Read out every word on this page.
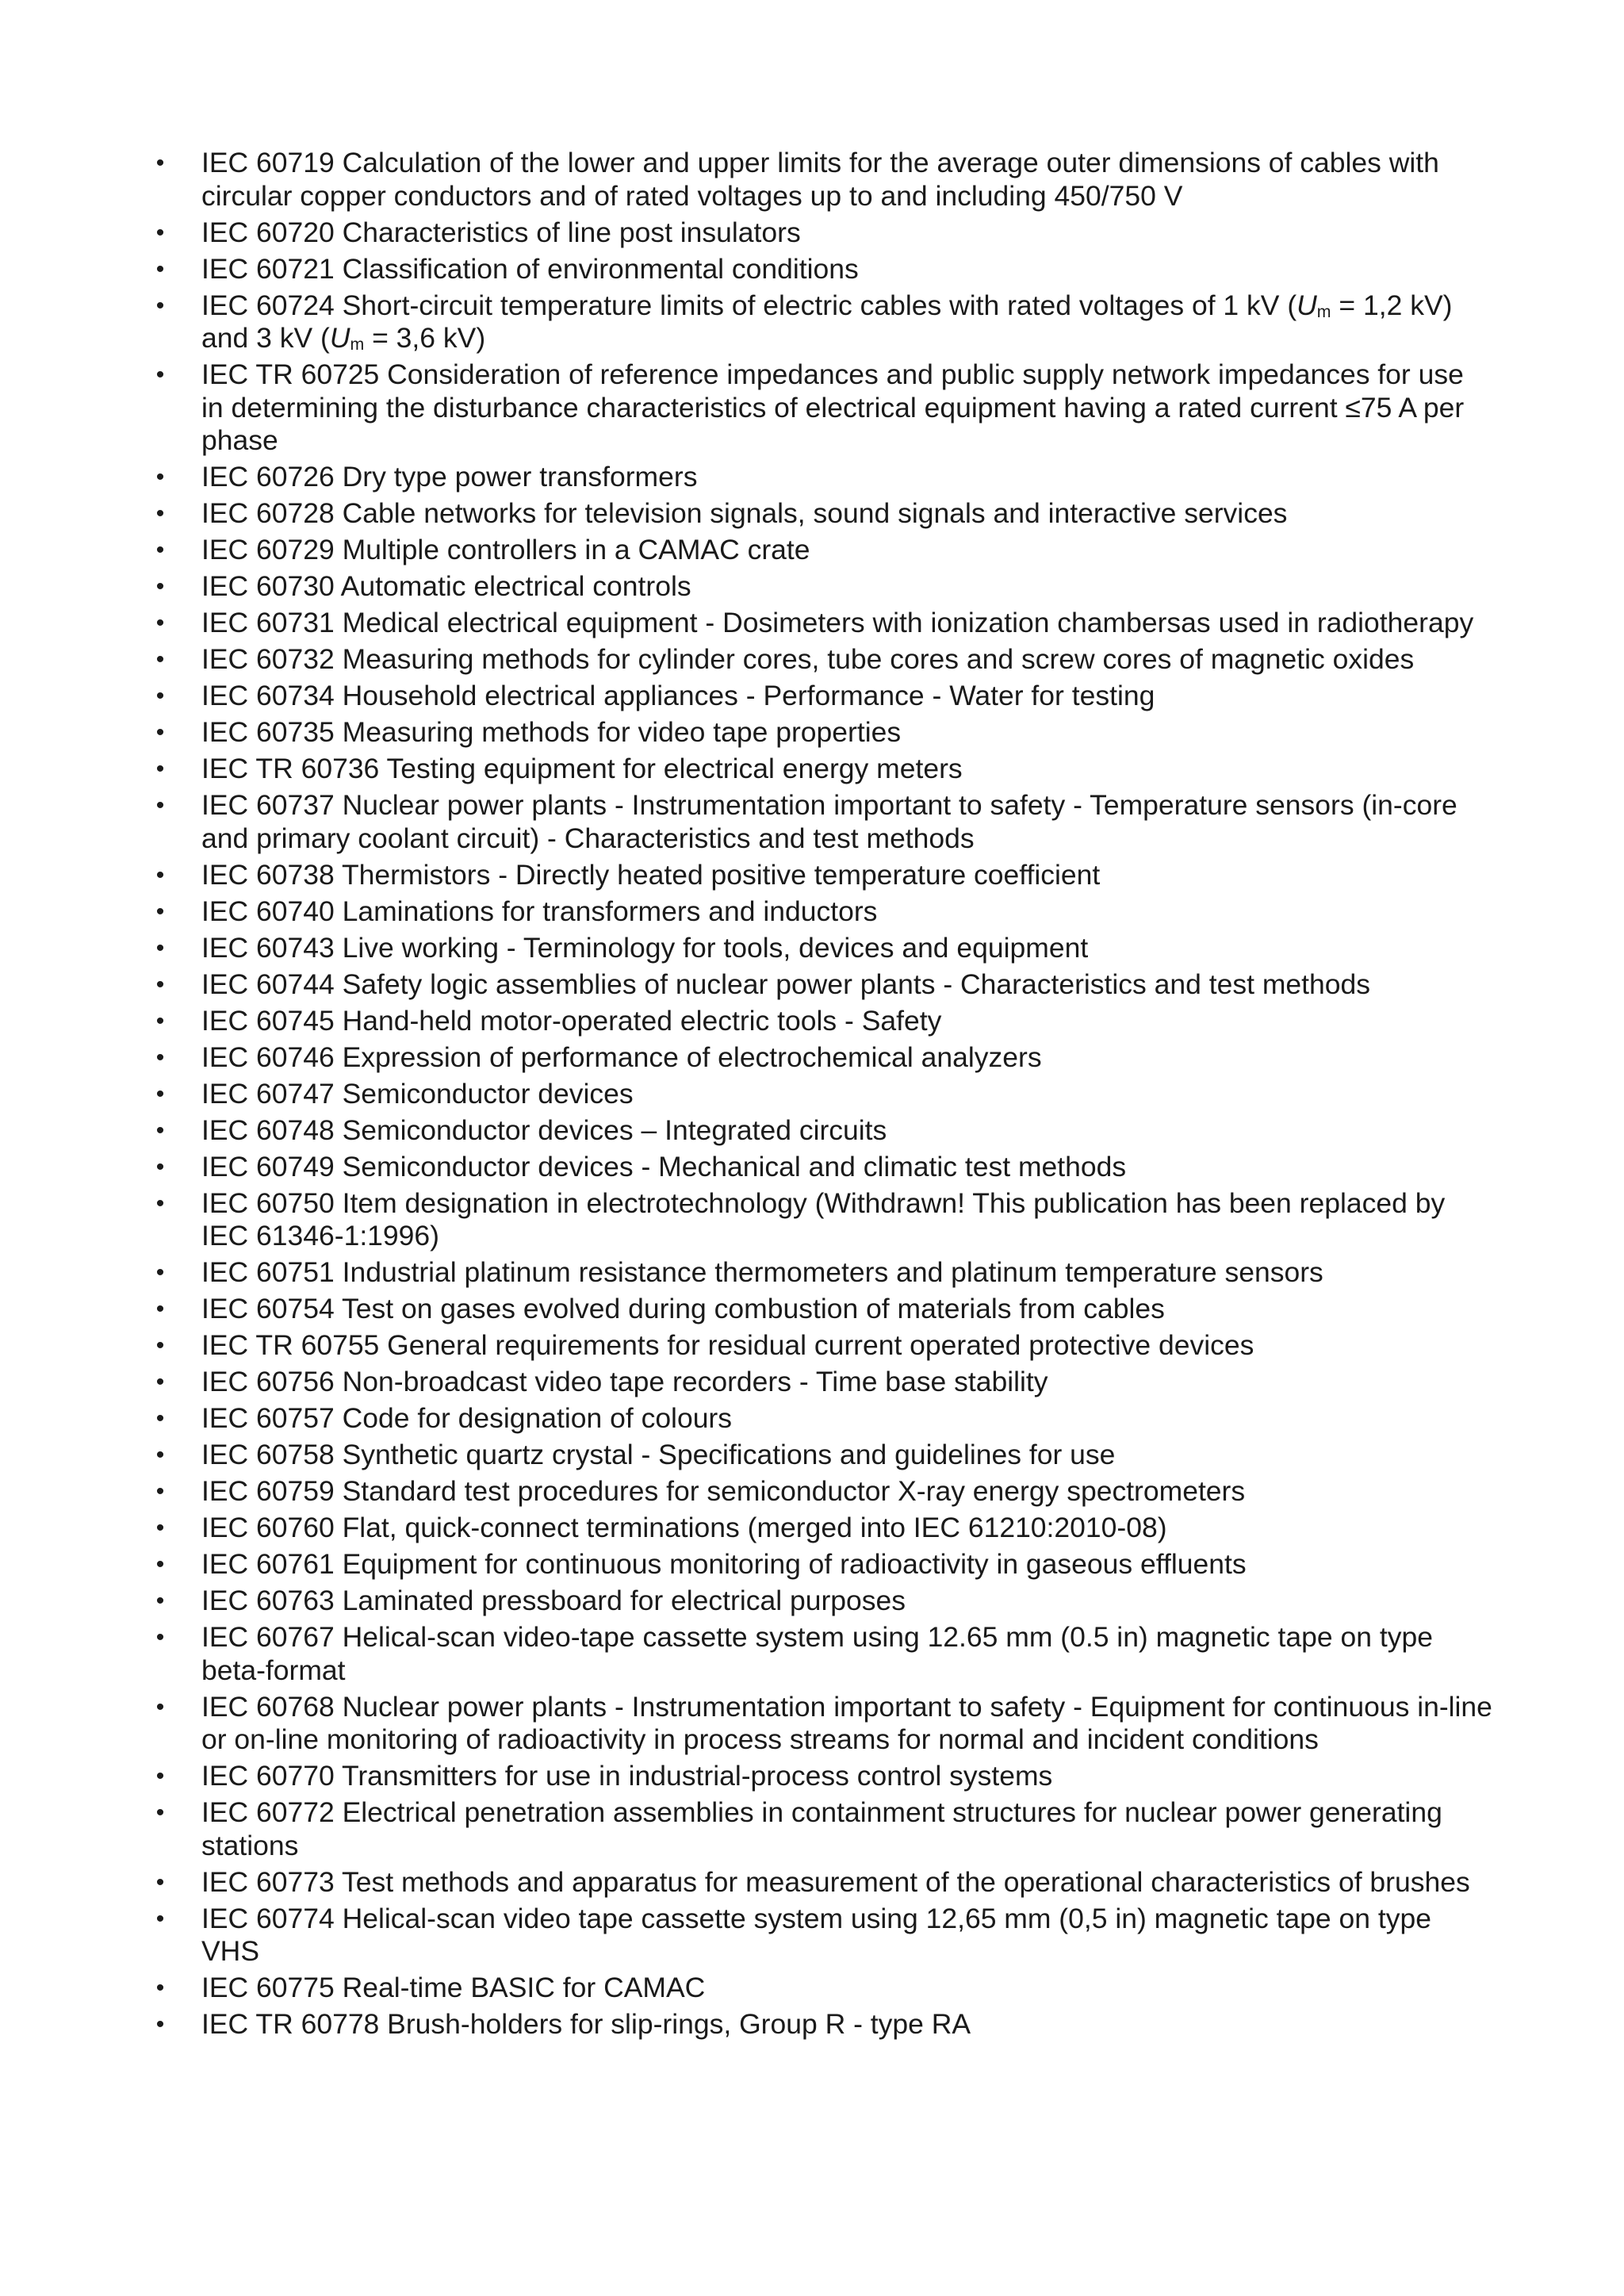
• IEC 60719 Calculation of the lower and upper limits for the average outer dimensions of cables with circular copper conductors and of rated voltages up to and including 450/750 V
• IEC 60720 Characteristics of line post insulators
• IEC 60721 Classification of environmental conditions
• IEC 60724 Short-circuit temperature limits of electric cables with rated voltages of 1 kV ($U_m = 1,2$ kV) and 3 kV ($U_m = 3,6$ kV)
• IEC TR 60725 Consideration of reference impedances and public supply network impedances for use in determining the disturbance characteristics of electrical equipment having a rated current ≤75 A per phase
• IEC 60726 Dry type power transformers
• IEC 60728 Cable networks for television signals, sound signals and interactive services
• IEC 60729 Multiple controllers in a CAMAC crate
• IEC 60730 Automatic electrical controls
• IEC 60731 Medical electrical equipment - Dosimeters with ionization chambersas used in radiotherapy
• IEC 60732 Measuring methods for cylinder cores, tube cores and screw cores of magnetic oxides
• IEC 60734 Household electrical appliances - Performance - Water for testing
• IEC 60735 Measuring methods for video tape properties
• IEC TR 60736 Testing equipment for electrical energy meters
• IEC 60737 Nuclear power plants - Instrumentation important to safety - Temperature sensors (in-core and primary coolant circuit) - Characteristics and test methods
• IEC 60738 Thermistors - Directly heated positive temperature coefficient
• IEC 60740 Laminations for transformers and inductors
• IEC 60743 Live working - Terminology for tools, devices and equipment
• IEC 60744 Safety logic assemblies of nuclear power plants - Characteristics and test methods
• IEC 60745 Hand-held motor-operated electric tools - Safety
• IEC 60746 Expression of performance of electrochemical analyzers
• IEC 60747 Semiconductor devices
• IEC 60748 Semiconductor devices – Integrated circuits
• IEC 60749 Semiconductor devices - Mechanical and climatic test methods
• IEC 60750 Item designation in electrotechnology (Withdrawn! This publication has been replaced by IEC 61346-1:1996)
• IEC 60751 Industrial platinum resistance thermometers and platinum temperature sensors
• IEC 60754 Test on gases evolved during combustion of materials from cables
• IEC TR 60755 General requirements for residual current operated protective devices
• IEC 60756 Non-broadcast video tape recorders - Time base stability
• IEC 60757 Code for designation of colours
• IEC 60758 Synthetic quartz crystal - Specifications and guidelines for use
• IEC 60759 Standard test procedures for semiconductor X-ray energy spectrometers
• IEC 60760 Flat, quick-connect terminations (merged into IEC 61210:2010-08)
• IEC 60761 Equipment for continuous monitoring of radioactivity in gaseous effluents
• IEC 60763 Laminated pressboard for electrical purposes
• IEC 60767 Helical-scan video-tape cassette system using 12.65 mm (0.5 in) magnetic tape on type beta-format
• IEC 60768 Nuclear power plants - Instrumentation important to safety - Equipment for continuous in-line or on-line monitoring of radioactivity in process streams for normal and incident conditions
• IEC 60770 Transmitters for use in industrial-process control systems
• IEC 60772 Electrical penetration assemblies in containment structures for nuclear power generating stations
• IEC 60773 Test methods and apparatus for measurement of the operational characteristics of brushes
• IEC 60774 Helical-scan video tape cassette system using 12,65 mm (0,5 in) magnetic tape on type VHS
• IEC 60775 Real-time BASIC for CAMAC
• IEC TR 60778 Brush-holders for slip-rings, Group R - type RA
